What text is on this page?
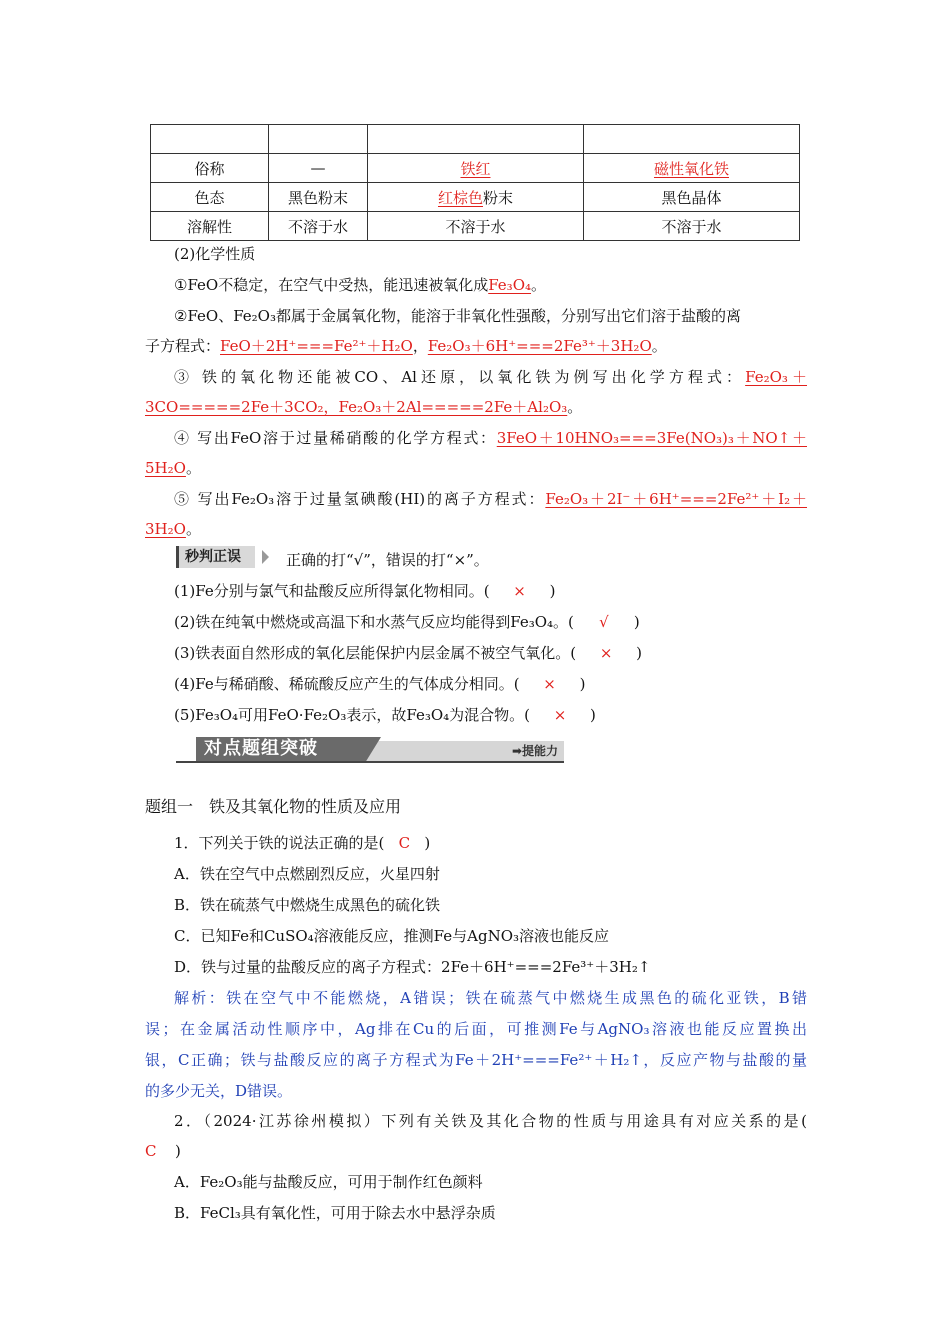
俗称	—	铁红	磁性氧化铁
色态	黑色粉末	红棕色粉末	黑色晶体
溶解性	不溶于水	不溶于水	不溶于水
(2)化学性质
①FeO不稳定，在空气中受热，能迅速被氧化成Fe₃O₄。
②FeO、Fe₂O₃都属于金属氧化物，能溶于非氧化性强酸，分别写出它们溶于盐酸的离
子方程式：FeO＋2H⁺===Fe²⁺＋H₂O，Fe₂O₃＋6H⁺===2Fe³⁺＋3H₂O。
③ 铁的氧化物还能被CO、Al还原，以氧化铁为例写出化学方程式：Fe₂O₃＋
3CO=====2Fe＋3CO₂，Fe₂O₃＋2Al=====2Fe＋Al₂O₃。
④ 写出FeO溶于过量稀硝酸的化学方程式：3FeO＋10HNO₃===3Fe(NO₃)₃＋NO↑＋
5H₂O。
⑤ 写出Fe₂O₃溶于过量氢碘酸(HI)的离子方程式：Fe₂O₃＋2I⁻＋6H⁺===2Fe²⁺＋I₂＋
3H₂O。
秒判正误	正确的打“√”，错误的打“×”。
(1)Fe分别与氯气和盐酸反应所得氯化物相同。( × )
(2)铁在纯氧中燃烧或高温下和水蒸气反应均能得到Fe₃O₄。( √ )
(3)铁表面自然形成的氧化层能保护内层金属不被空气氧化。( × )
(4)Fe与稀硝酸、稀硫酸反应产生的气体成分相同。( × )
(5)Fe₃O₄可用FeO·Fe₂O₃表示，故Fe₃O₄为混合物。( × )
对点题组突破	➡提能力
题组一　铁及其氧化物的性质及应用
1．下列关于铁的说法正确的是( C )
A．铁在空气中点燃剧烈反应，火星四射
B．铁在硫蒸气中燃烧生成黑色的硫化铁
C．已知Fe和CuSO₄溶液能反应，推测Fe与AgNO₃溶液也能反应
D．铁与过量的盐酸反应的离子方程式：2Fe＋6H⁺===2Fe³⁺＋3H₂↑
解析：铁在空气中不能燃烧，A错误；铁在硫蒸气中燃烧生成黑色的硫化亚铁，B错
误；在金属活动性顺序中，Ag排在Cu的后面，可推测Fe与AgNO₃溶液也能反应置换出
银，C正确；铁与盐酸反应的离子方程式为Fe＋2H⁺===Fe²⁺＋H₂↑，反应产物与盐酸的量
的多少无关，D错误。
2．（2024·江苏徐州模拟）下列有关铁及其化合物的性质与用途具有对应关系的是(
C )
A．Fe₂O₃能与盐酸反应，可用于制作红色颜料
B．FeCl₃具有氧化性，可用于除去水中悬浮杂质
